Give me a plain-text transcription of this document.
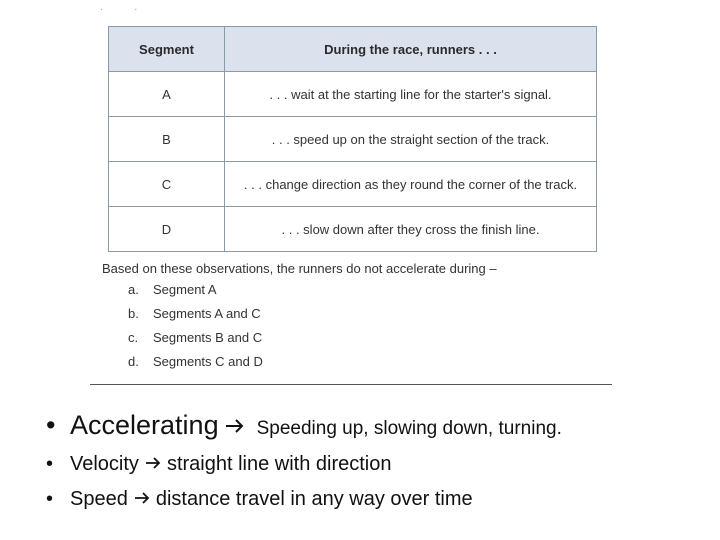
· ·
Segment	During the race, runners . . .
A	. . . wait at the starting line for the starter's signal.
B	. . . speed up on the straight section of the track.
C	. . . change direction as they round the corner of the track.
D	. . . slow down after they cross the finish line.
Based on these observations, the runners do not accelerate during –
a.	Segment A
b.	Segments A and C
c.	Segments B and C
d.	Segments C and D
• Accelerating Speeding up, slowing down, turning.
• Velocity straight line with direction
• Speed distance travel in any way over time
